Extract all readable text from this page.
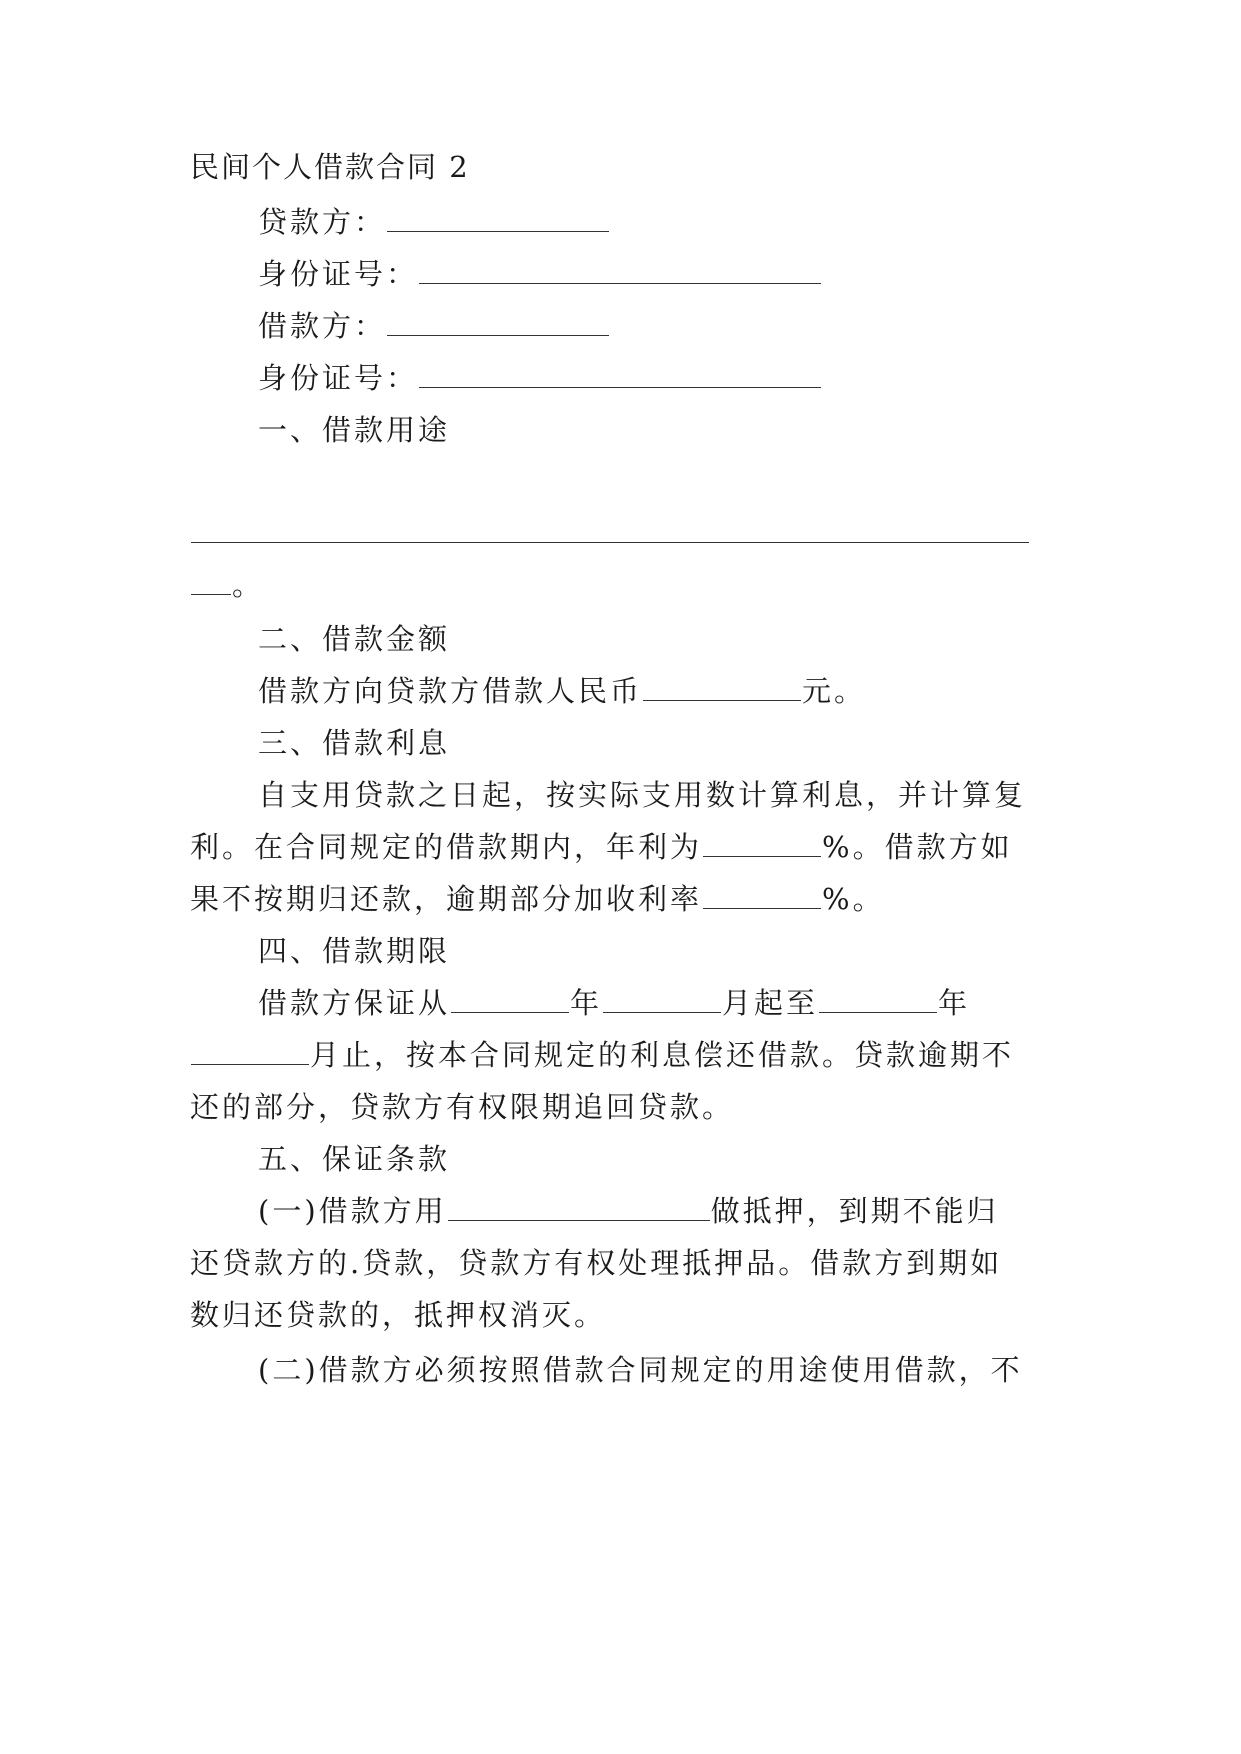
民间个人借款合同 2
贷款方：
身份证号：
借款方：
身份证号：
一、借款用途
。
二、借款金额
借款方向贷款方借款人民币	元。
三、借款利息
自支用贷款之日起，按实际支用数计算利息，并计算复
利。在合同规定的借款期内，年利为	%。借款方如
果不按期归还款，逾期部分加收利率	%。
四、借款期限
借款方保证从	年	月起至	年
月止，按本合同规定的利息偿还借款。贷款逾期不
还的部分，贷款方有权限期追回贷款。
五、保证条款
(一)借款方用	做抵押，到期不能归
还贷款方的.贷款，贷款方有权处理抵押品。借款方到期如
数归还贷款的，抵押权消灭。
(二)借款方必须按照借款合同规定的用途使用借款，不
